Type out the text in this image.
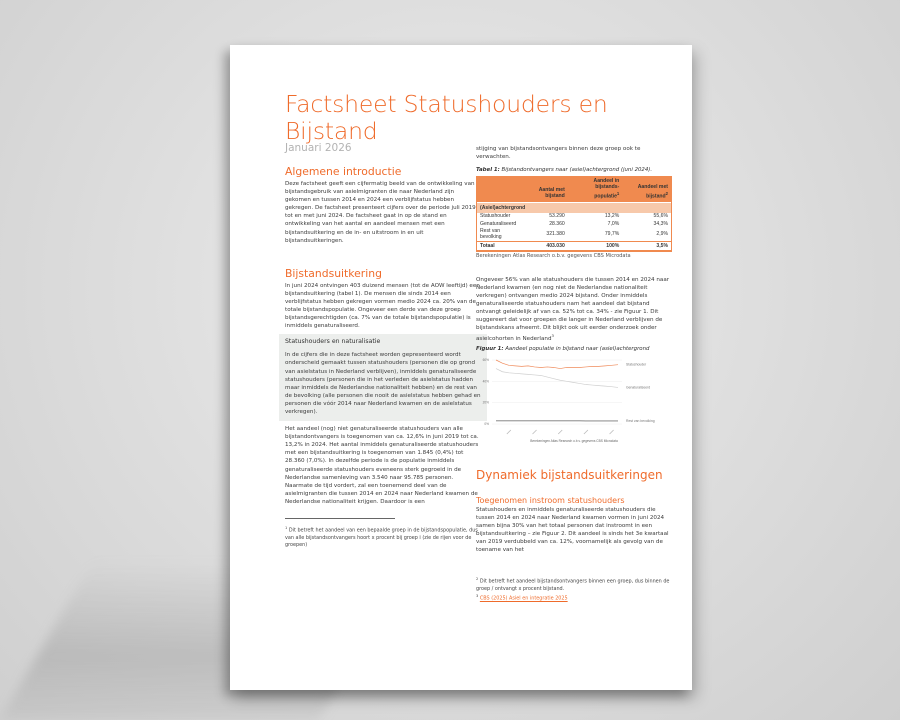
Factsheet Statushouders en Bijstand
Januari 2026
Algemene introductie

Deze factsheet geeft een cijfermatig beeld van de ontwikkeling van bijstandsgebruik van asielmigranten die naar Nederland zijn gekomen en tussen 2014 en 2024 een verblijfstatus hebben gekregen. De factsheet presenteert cijfers over de periode juli 2019 tot en met juni 2024. De factsheet gaat in op de stand en ontwikkeling van het aantal en aandeel mensen met een bijstandsuitkering en de in- en uitstroom in en uit bijstandsuitkeringen.

Bijstandsuitkering

In juni 2024 ontvingen 403 duizend mensen (tot de AOW leeftijd) een bijstandsuitkering (tabel 1). De mensen die sinds 2014 een verblijfstatus hebben gekregen vormen medio 2024 ca. 20% van de totale bijstandspopulatie. Ongeveer een derde van deze groep bijstandsgerechtigden (ca. 7% van de totale bijstandspopulatie) is inmiddels genaturaliseerd.

Statushouders en naturalisatie

In de cijfers die in deze factsheet worden gepresenteerd wordt onderscheid gemaakt tussen statushouders (personen die op grond van asielstatus in Nederland verblijven), inmiddels genaturaliseerde statushouders (personen die in het verleden de asielstatus hadden maar inmiddels de Nederlandse nationaliteit hebben) en de rest van de bevolking (alle personen die nooit de asielstatus hebben gehad en personen die vóór 2014 naar Nederland kwamen en de asielstatus verkregen).

Het aandeel (nog) niet genaturaliseerde statushouders van alle bijstandontvangers is toegenomen van ca. 12,6% in juni 2019 tot ca. 13,2% in 2024. Het aantal inmiddels genaturaliseerde statushouders met een bijstandsuitkering is toegenomen van 1.845 (0,4%) tot 28.360 (7,0%). In dezelfde periode is de populatie inmiddels genaturaliseerde statushouders eveneens sterk gegroeid in de Nederlandse samenleving van 3.540 naar 95.785 personen. Naarmate de tijd vordert, zal een toenemend deel van de asielmigranten die tussen 2014 en 2024 naar Nederland kwamen de Nederlandse nationaliteit krijgen. Daardoor is een

$^1$ Dit betreft het aandeel van een bepaalde groep in de bijstandspopulatie, dus van alle bijstandsontvangers hoort x procent bij groep i (zie de rijen voor de groepen)

stijging van bijstandsontvangers binnen deze groep ook te verwachten.

Tabel 1: Bijstandontvangers naar (asiel)achtergrond (juni 2024).
	Aantal met bijstand	Aandeel in bijstands-populatie$^1$	Aandeel met bijstand$^2$
(Asiel)achtergrond			
Statushouder	53.290	13,2%	55,6%
Genaturaliseerd	28.360	7,0%	34,3%
Rest van bevolking	321.380	79,7%	2,9%
Totaal	403.030	100%	3,5%
Berekeningen Atlas Research o.b.v. gegevens CBS Microdata

Ongeveer 56% van alle statushouders die tussen 2014 en 2024 naar Nederland kwamen (en nog niet de Nederlandse nationaliteit verkregen) ontvangen medio 2024 bijstand. Onder inmiddels genaturaliseerde statushouders nam het aandeel dat bijstand ontvangt geleidelijk af van ca. 52% tot ca. 34% - zie Figuur 1. Dit suggereert dat voor groepen die langer in Nederland verblijven de bijstandskans afneemt. Dit blijkt ook uit eerder onderzoek onder asielcohorten in Nederland$^3$

Figuur 1: Aandeel populatie in bijstand naar (asiel)achtergrond
0%
20%
40%
60%
Statushouder
Genaturaliseerd
Rest van bevolking
Berekeningen Atlas Research o.b.v. gegevens CBS Microdata
Dynamiek bijstandsuitkeringen
Toegenomen instroom statushouders

Statushouders en inmiddels genaturaliseerde statushouders die tussen 2014 en 2024 naar Nederland kwamen vormen in juni 2024 samen bijna 30% van het totaal personen dat instroomt in een bijstandsuitkering – zie Figuur 2. Dit aandeel is sinds het 3e kwartaal van 2019 verdubbeld van ca. 12%, voornamelijk als gevolg van de toename van het

$^2$ Dit betreft het aandeel bijstandsontvangers binnen een groep, dus binnen de groep / ontvangt x procent bijstand.
$^3$ CBS (2025) Asiel en integratie 2025
